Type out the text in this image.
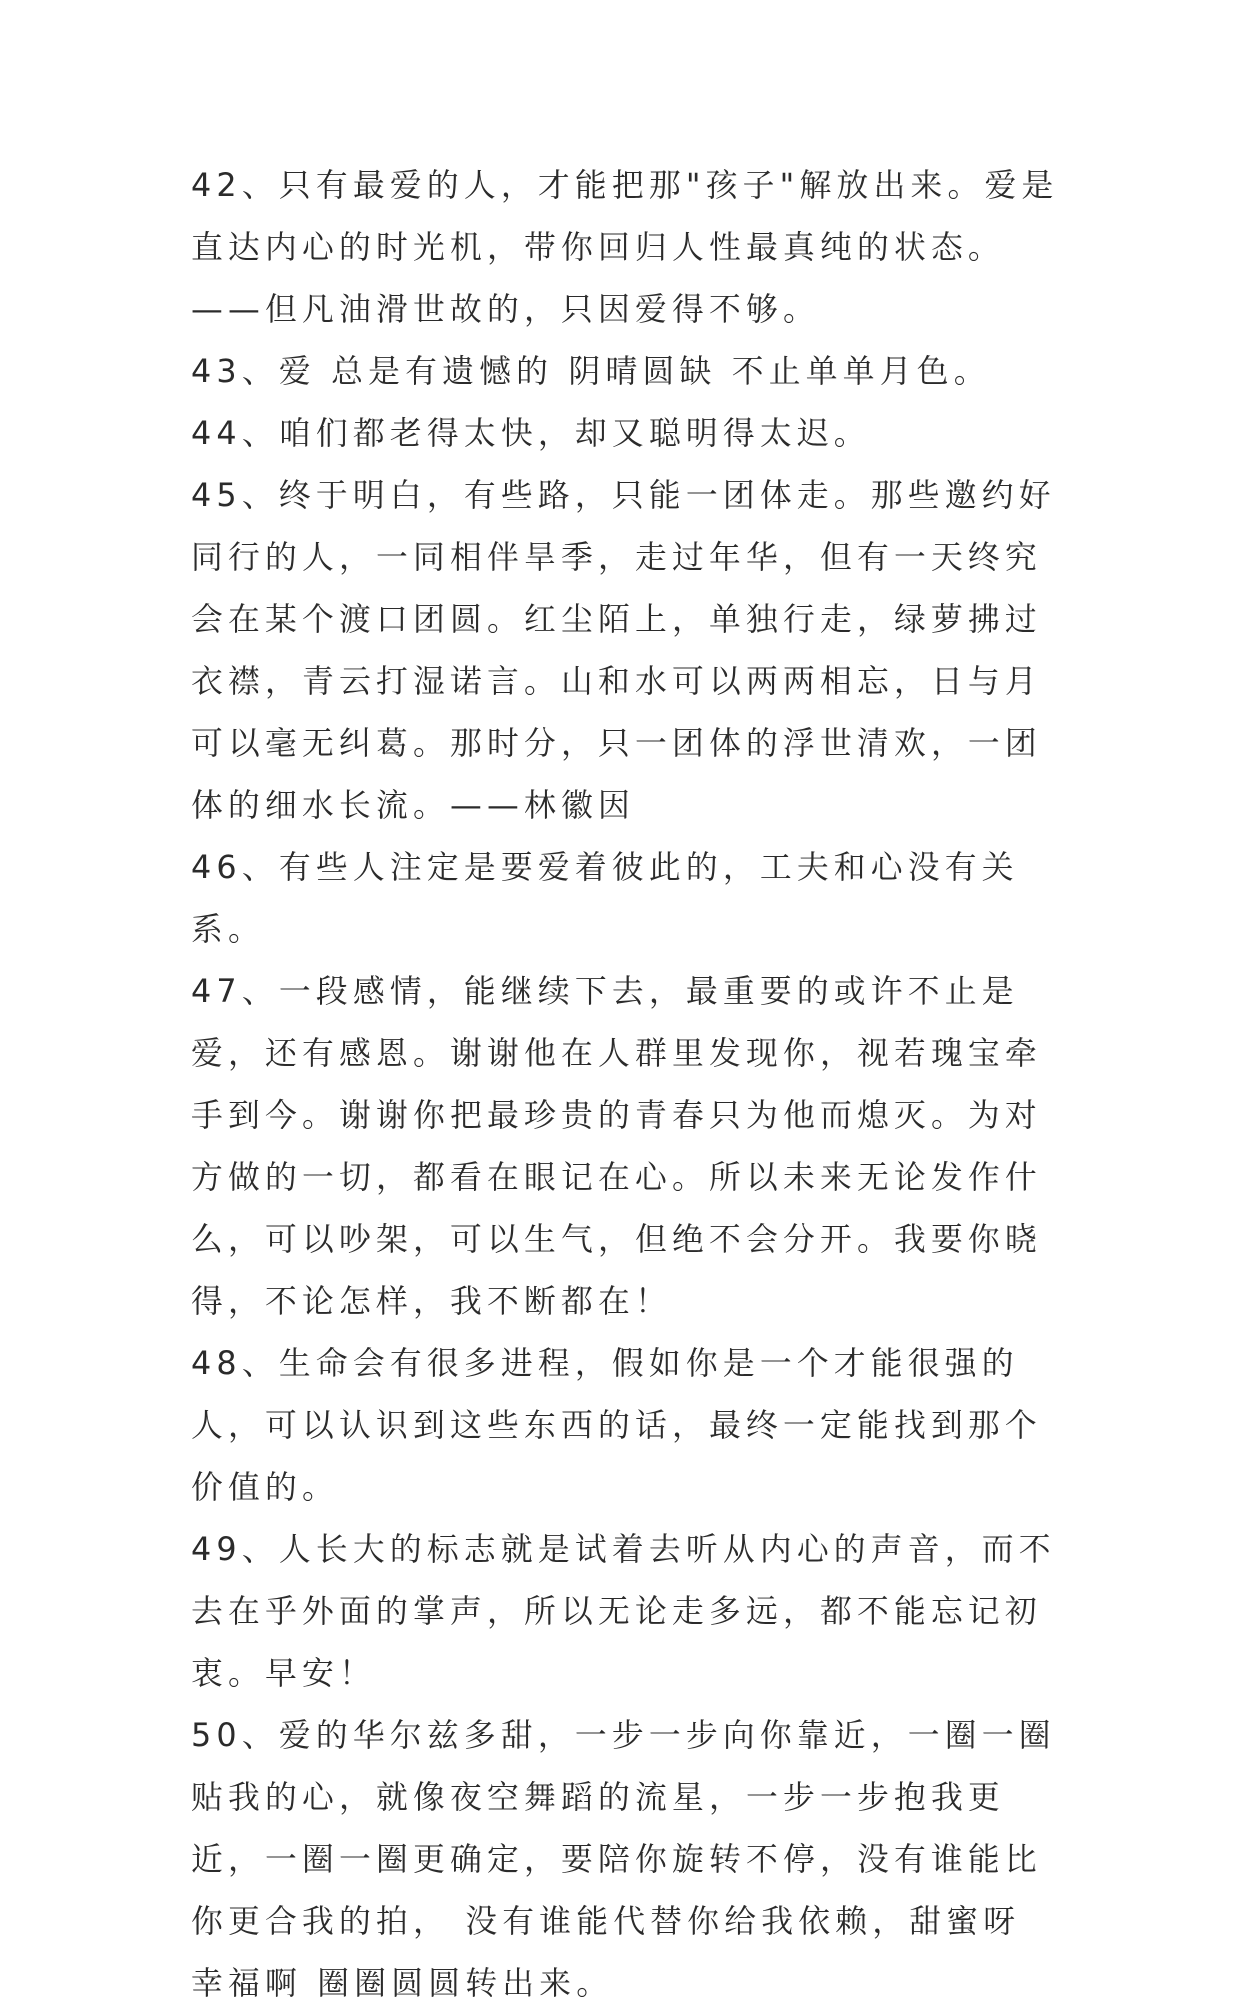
42、只有最爱的人，才能把那"孩子"解放出来。爱是直达内心的时光机，带你回归人性最真纯的状态。——但凡油滑世故的，只因爱得不够。

43、爱 总是有遗憾的 阴晴圆缺 不止单单月色。

44、咱们都老得太快，却又聪明得太迟。

45、终于明白，有些路，只能一团体走。那些邀约好同行的人，一同相伴旱季，走过年华，但有一天终究会在某个渡口团圆。红尘陌上，单独行走，绿萝拂过衣襟，青云打湿诺言。山和水可以两两相忘，日与月可以毫无纠葛。那时分，只一团体的浮世清欢，一团体的细水长流。——林徽因

46、有些人注定是要爱着彼此的，工夫和心没有关系。

47、一段感情，能继续下去，最重要的或许不止是爱，还有感恩。谢谢他在人群里发现你，视若瑰宝牵手到今。谢谢你把最珍贵的青春只为他而熄灭。为对方做的一切，都看在眼记在心。所以未来无论发作什么，可以吵架，可以生气，但绝不会分开。我要你晓得，不论怎样，我不断都在！

48、生命会有很多进程，假如你是一个才能很强的人，可以认识到这些东西的话，最终一定能找到那个价值的。

49、人长大的标志就是试着去听从内心的声音，而不去在乎外面的掌声，所以无论走多远，都不能忘记初衷。早安！

50、爱的华尔兹多甜，一步一步向你靠近，一圈一圈贴我的心，就像夜空舞蹈的流星，一步一步抱我更近，一圈一圈更确定，要陪你旋转不停，没有谁能比你更合我的拍， 没有谁能代替你给我依赖，甜蜜呀 幸福啊 圈圈圆圆转出来。
